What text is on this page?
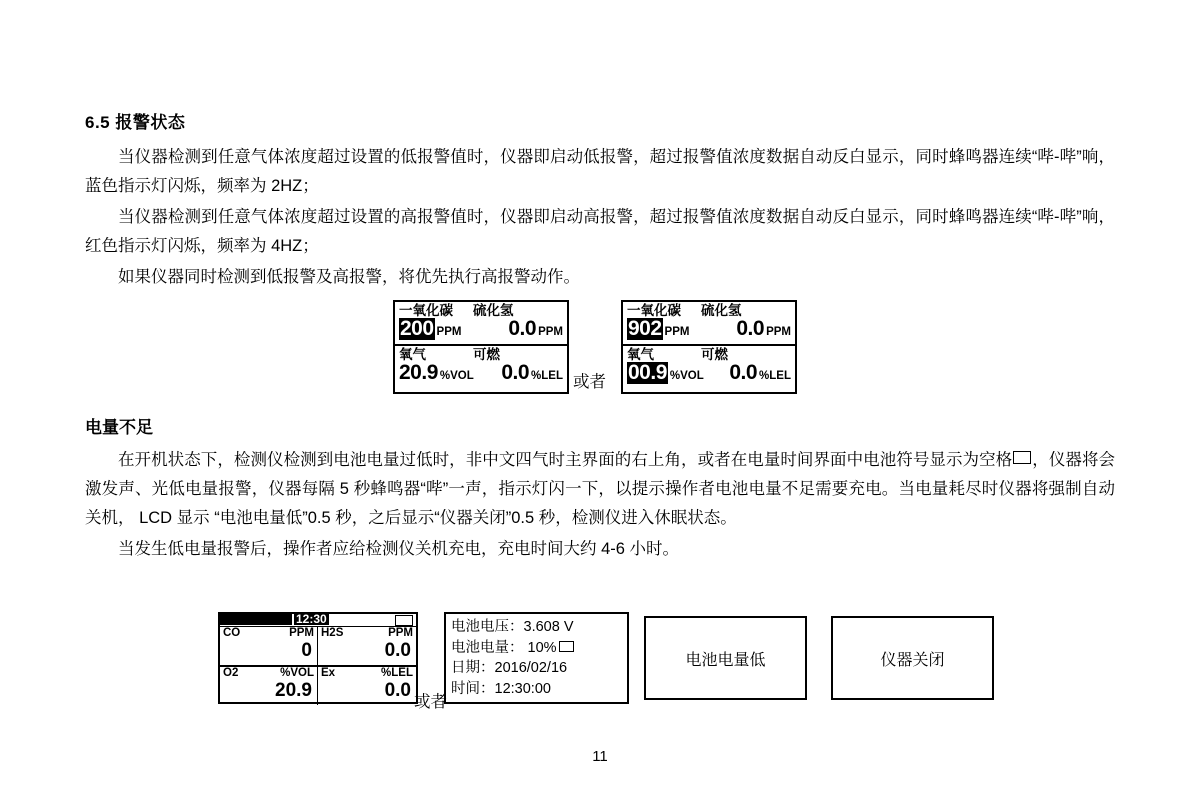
6.5 报警状态

当仪器检测到任意气体浓度超过设置的低报警值时，仪器即启动低报警，超过报警值浓度数据自动反白显示，同时蜂鸣器连续“哔-哔”响，蓝色指示灯闪烁，频率为 2HZ；

当仪器检测到任意气体浓度超过设置的高报警值时，仪器即启动高报警，超过报警值浓度数据自动反白显示，同时蜂鸣器连续“哔-哔”响，红色指示灯闪烁，频率为 4HZ；

如果仪器同时检测到低报警及高报警，将优先执行高报警动作。

一氧化碳	硫化氢
200 PPM 0.0 PPM
氧气	可燃
20.9 %VOL 0.0 %LEL 或者
一氧化碳	硫化氢
902 PPM 0.0 PPM
氧气	可燃
00.9 %VOL 0.0 %LEL
电量不足

在开机状态下，检测仪检测到电池电量过低时，非中文四气时主界面的右上角，或者在电量时间界面中电池符号显示为空格 ，仪器将会激发声、光低电量报警，仪器每隔 5 秒蜂鸣器“哔”一声，指示灯闪一下，以提示操作者电池电量不足需要充电。当电量耗尽时仪器将强制自动关机， LCD 显示 “电池电量低”0.5 秒，之后显示“仪器关闭”0.5 秒，检测仪进入休眠状态。

当发生低电量报警后，操作者应给检测仪关机充电，充电时间大约 4-6 小时。

12:30
CO	PPM
0
H2S	PPM
0.0
O2	%VOL
20.9
Ex	%LEL
0.0
或者
电池电压：3.608 V
电池电量： 10%
日期：2016/02/16
时间：12:30:00
电池电量低	仪器关闭
11
